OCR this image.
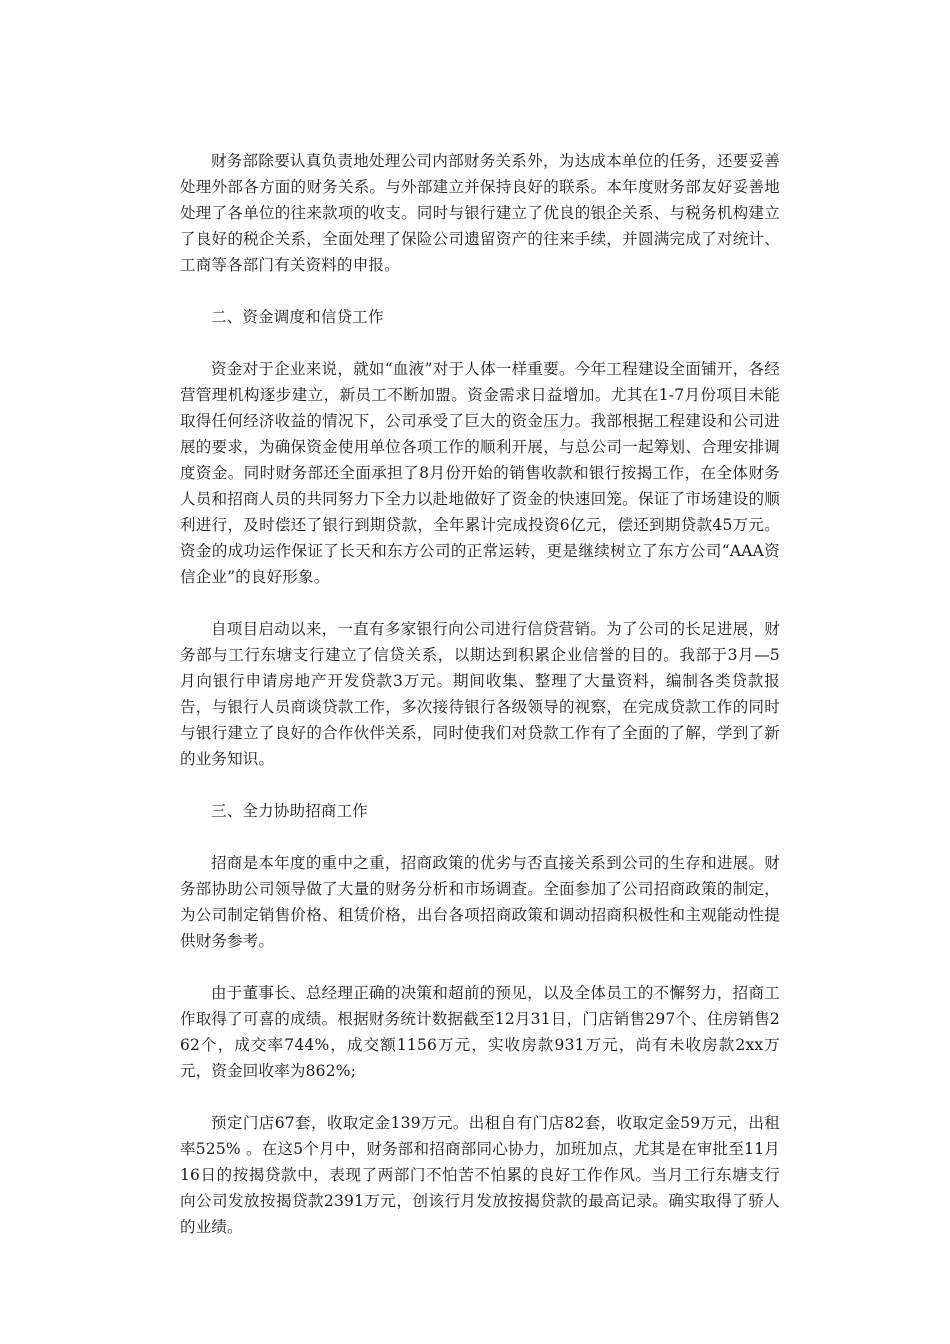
财务部除要认真负责地处理公司内部财务关系外，为达成本单位的任务，还要妥善处理外部各方面的财务关系。与外部建立并保持良好的联系。本年度财务部友好妥善地处理了各单位的往来款项的收支。同时与银行建立了优良的银企关系、与税务机构建立了良好的税企关系，全面处理了保险公司遗留资产的往来手续，并圆满完成了对统计、工商等各部门有关资料的申报。

二、资金调度和信贷工作

资金对于企业来说，就如“血液”对于人体一样重要。今年工程建设全面铺开，各经营管理机构逐步建立，新员工不断加盟。资金需求日益增加。尤其在1-7月份项目未能取得任何经济收益的情况下，公司承受了巨大的资金压力。我部根据工程建设和公司进展的要求，为确保资金使用单位各项工作的顺利开展，与总公司一起筹划、合理安排调度资金。同时财务部还全面承担了8月份开始的销售收款和银行按揭工作，在全体财务人员和招商人员的共同努力下全力以赴地做好了资金的快速回笼。保证了市场建设的顺利进行，及时偿还了银行到期贷款，全年累计完成投资6亿元，偿还到期贷款45万元。资金的成功运作保证了长天和东方公司的正常运转，更是继续树立了东方公司“AAA资信企业”的良好形象。

自项目启动以来，一直有多家银行向公司进行信贷营销。为了公司的长足进展，财务部与工行东塘支行建立了信贷关系，以期达到积累企业信誉的目的。我部于3月—5月向银行申请房地产开发贷款3万元。期间收集、整理了大量资料，编制各类贷款报告，与银行人员商谈贷款工作，多次接待银行各级领导的视察，在完成贷款工作的同时与银行建立了良好的合作伙伴关系，同时使我们对贷款工作有了全面的了解，学到了新的业务知识。

三、全力协助招商工作

招商是本年度的重中之重，招商政策的优劣与否直接关系到公司的生存和进展。财务部协助公司领导做了大量的财务分析和市场调查。全面参加了公司招商政策的制定，为公司制定销售价格、租赁价格，出台各项招商政策和调动招商积极性和主观能动性提供财务参考。

由于董事长、总经理正确的决策和超前的预见，以及全体员工的不懈努力，招商工作取得了可喜的成绩。根据财务统计数据截至12月31日，门店销售297个、住房销售262个，成交率744%，成交额1156万元，实收房款931万元，尚有未收房款2xx万元，资金回收率为862%;

预定门店67套，收取定金139万元。出租自有门店82套，收取定金59万元，出租率525% 。在这5个月中，财务部和招商部同心协力，加班加点，尤其是在审批至11月16日的按揭贷款中，表现了两部门不怕苦不怕累的良好工作作风。当月工行东塘支行向公司发放按揭贷款2391万元，创该行月发放按揭贷款的最高记录。确实取得了骄人的业绩。
